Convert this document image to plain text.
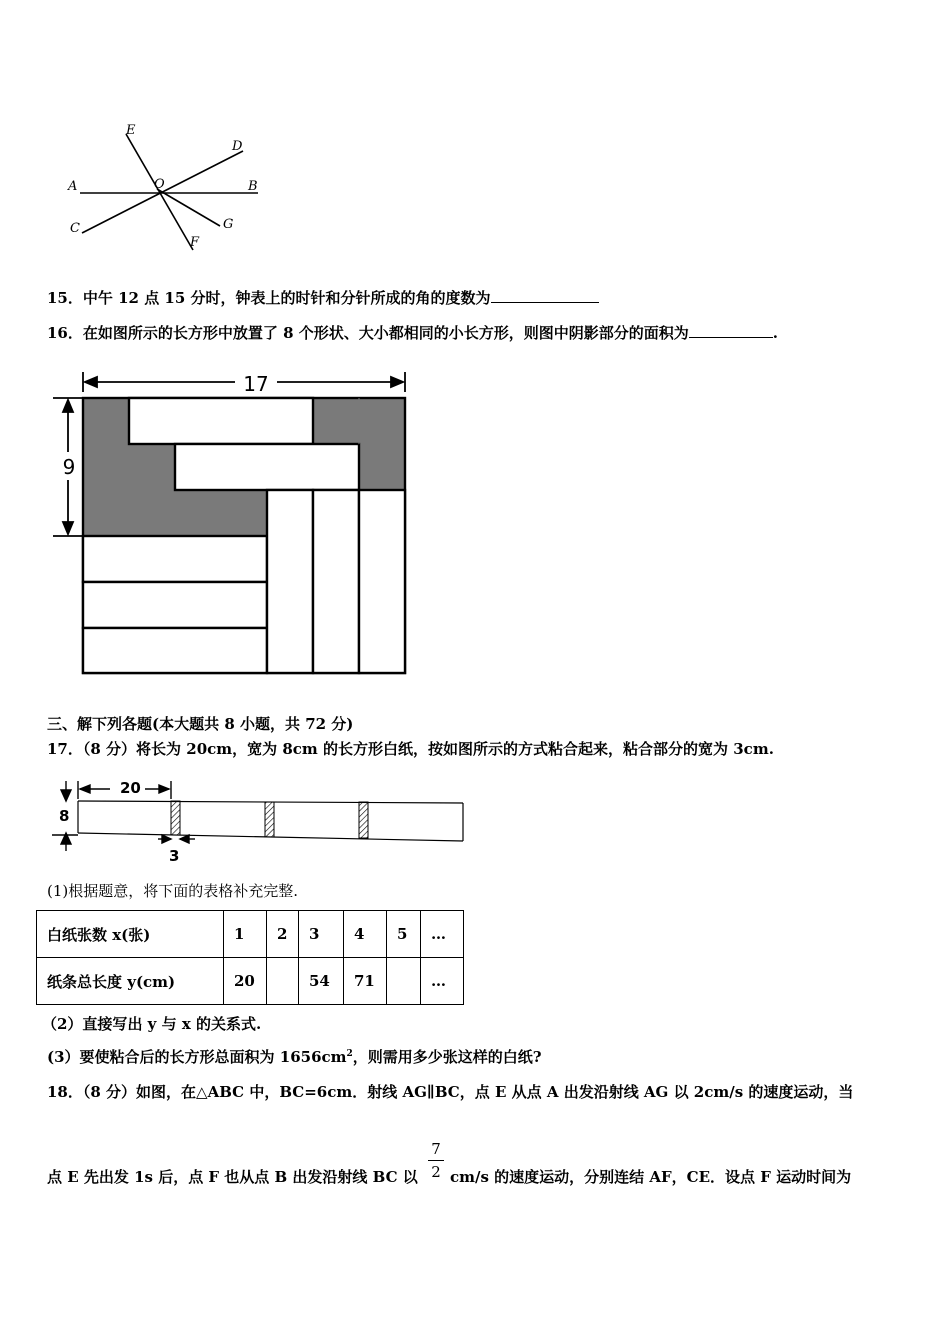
A	B
C
D
E
F
G
O
15．中午 12 点 15 分时，钟表上的时针和分针所成的角的度数为
16．在如图所示的长方形中放置了 8 个形状、大小都相同的小长方形，则图中阴影部分的面积为	.
17
9
三、解下列各题(本大题共 8 小题，共 72 分)
17．（8 分）将长为 20cm，宽为 8cm 的长方形白纸，按如图所示的方式粘合起来，粘合部分的宽为 3cm.
20
8
3
(1)根据题意，将下面的表格补充完整.
白纸张数 x(张)	1	2	3	4	5	…
纸条总长度 y(cm)	20		54	71		…
（2）直接写出 y 与 x 的关系式.
(3）要使粘合后的长方形总面积为 $1656cm^2$，则需用多少张这样的白纸?
18．（8 分）如图，在△ABC 中，BC=6cm．射线 AG∥BC，点 E 从点 A 出发沿射线 AG 以 2cm/s 的速度运动，当
点 E 先出发 1s 后，点 F 也从点 B 出发沿射线 BC 以
7
2 cm/s 的速度运动，分别连结 AF，CE．设点 F 运动时间为
